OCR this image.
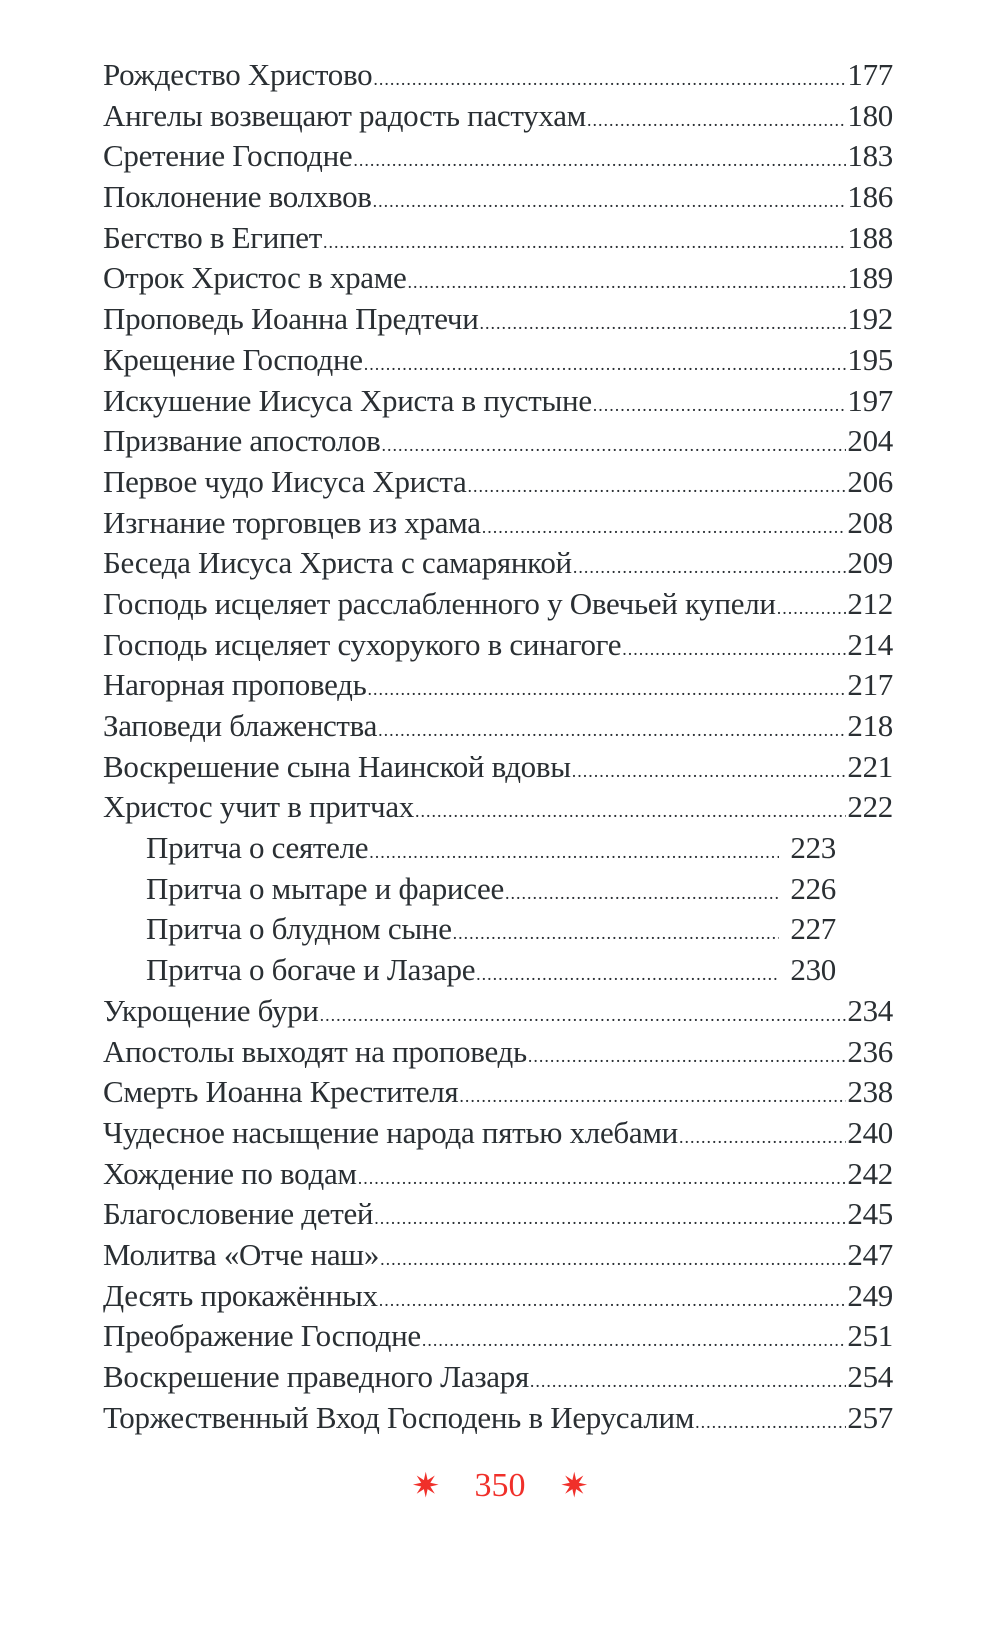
Рождество Христово .....	177
Ангелы возвещают радость пастухам .....	180
Сретение Господне .....	183
Поклонение волхвов .....	186
Бегство в Египет .....	188
Отрок Христос в храме .....	189
Проповедь Иоанна Предтечи .....	192
Крещение Господне .....	195
Искушение Иисуса Христа в пустыне .....	197
Призвание апостолов .....	204
Первое чудо Иисуса Христа .....	206
Изгнание торговцев из храма .....	208
Беседа Иисуса Христа с самарянкой .....	209
Господь исцеляет расслабленного у Овечьей купели ..... 212
Господь исцеляет сухорукого в синагоге .....	214
Нагорная проповедь .....	217
Заповеди блаженства .....	218
Воскрешение сына Наинской вдовы .....	221
Христос учит в притчах .....	222
Притча о сеятеле .....	223
Притча о мытаре и фарисее .....	226
Притча о блудном сыне .....	227
Притча о богаче и Лазаре .....	230
Укрощение бури .....	234
Апостолы выходят на проповедь .....	236
Смерть Иоанна Крестителя .....	238
Чудесное насыщение народа пятью хлебами .....	240
Хождение по водам .....	242
Благословение детей .....	245
Молитва «Отче наш» .....	247
Десять прокажённых .....	249
Преображение Господне .....	251
Воскрешение праведного Лазаря .....	254
Торжественный Вход Господень в Иерусалим .....	257
✷ 350 ✷
